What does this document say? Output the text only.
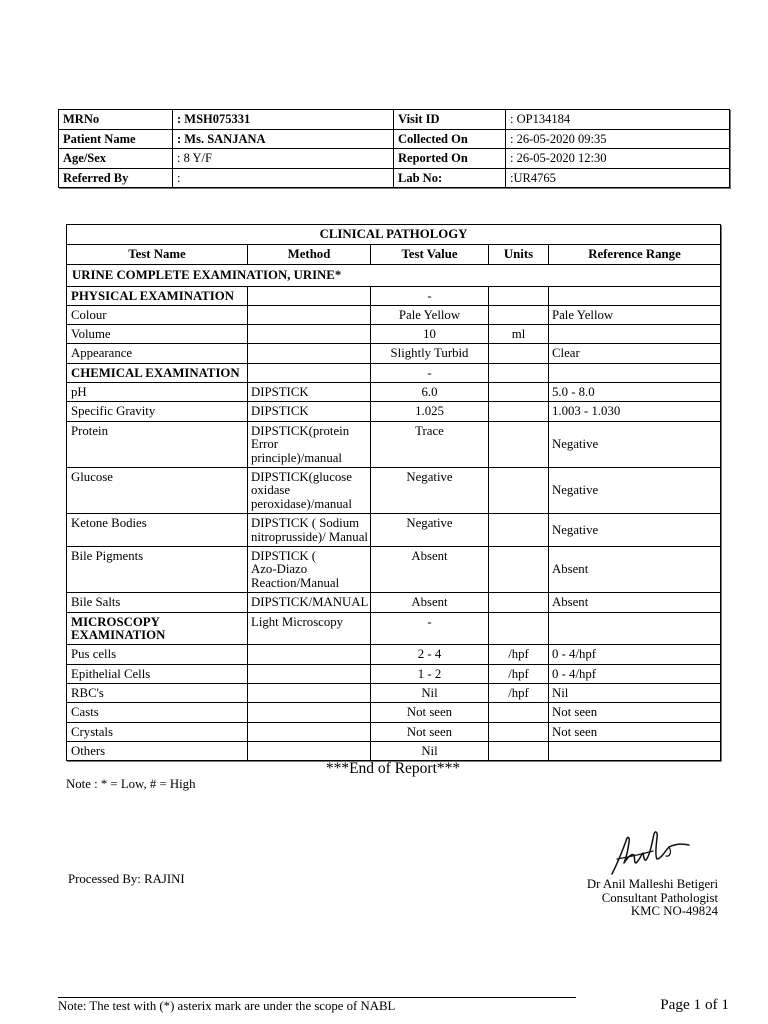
MRNo	: MSH075331	Visit ID	: OP134184
Patient Name	: Ms. SANJANA	Collected On	: 26-05-2020 09:35
Age/Sex	: 8 Y/F	Reported On	: 26-05-2020 12:30
Referred By	:	Lab No:	:UR4765
CLINICAL PATHOLOGY				
Test Name	Method	Test Value	Units	Reference Range
URINE COMPLETE EXAMINATION, URINE*				
PHYSICAL EXAMINATION		-		
Colour		Pale Yellow		Pale Yellow
Volume		10	ml	
Appearance		Slightly Turbid		Clear
CHEMICAL EXAMINATION		-		
pH	DIPSTICK	6.0		5.0 - 8.0
Specific Gravity	DIPSTICK	1.025		1.003 - 1.030
Protein	DIPSTICK(protein
Error
principle)/manual	Trace		Negative
Glucose	DIPSTICK(glucose
oxidase
peroxidase)/manual	Negative		Negative
Ketone Bodies	DIPSTICK ( Sodium
nitroprusside)/ Manual	Negative		Negative
Bile Pigments	DIPSTICK (
Azo-Diazo
Reaction/Manual	Absent		Absent
Bile Salts	DIPSTICK/MANUAL	Absent		Absent
MICROSCOPY
EXAMINATION	Light Microscopy	-		
Pus cells		2 - 4	/hpf	0 - 4/hpf
Epithelial Cells		1 - 2	/hpf	0 - 4/hpf
RBC's		Nil	/hpf	Nil
Casts		Not seen		Not seen
Crystals		Not seen		Not seen
Others		Nil		
***End of Report***
Note : * = Low, # = High
Processed By: RAJINI	Dr Anil Malleshi Betigeri
Consultant Pathologist
KMC NO-49824
Note: The test with (*) asterix mark are under the scope of NABL	Page 1 of 1
